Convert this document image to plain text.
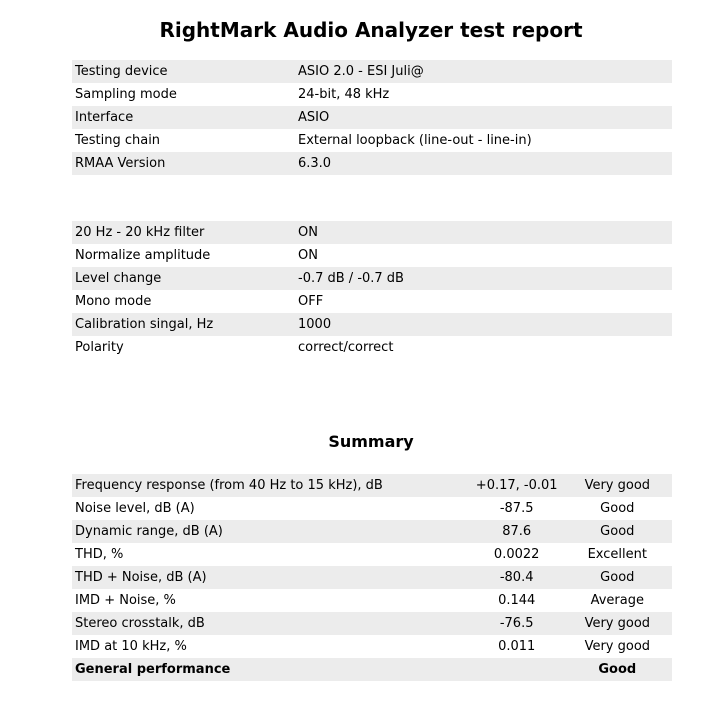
RightMark Audio Analyzer test report
Testing device	ASIO 2.0 - ESI Juli@
Sampling mode	24-bit, 48 kHz
Interface	ASIO
Testing chain	External loopback (line-out - line-in)
RMAA Version	6.3.0
20 Hz - 20 kHz filter	ON
Normalize amplitude	ON
Level change	-0.7 dB / -0.7 dB
Mono mode	OFF
Calibration singal, Hz	1000
Polarity	correct/correct
Summary
Frequency response (from 40 Hz to 15 kHz), dB	+0.17, -0.01	Very good
Noise level, dB (A)	-87.5	Good
Dynamic range, dB (A)	87.6	Good
THD, %	0.0022	Excellent
THD + Noise, dB (A)	-80.4	Good
IMD + Noise, %	0.144	Average
Stereo crosstalk, dB	-76.5	Very good
IMD at 10 kHz, %	0.011	Very good
General performance		Good
